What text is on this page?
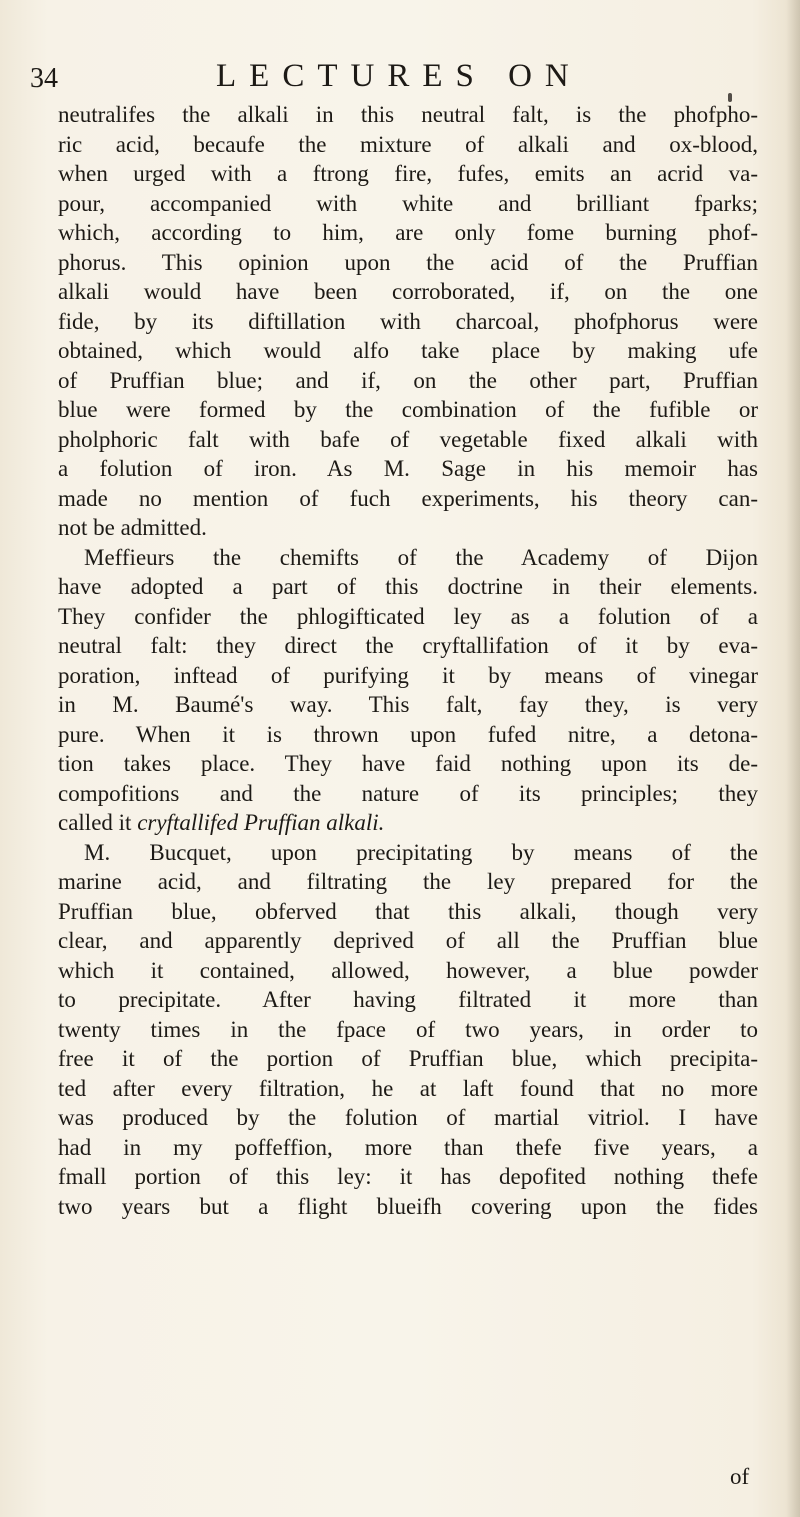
34	LECTURES ON
neutralifes the alkali in this neutral falt, is the phofpho-
ric acid, becaufe the mixture of alkali and ox-blood,
when urged with a ftrong fire, fufes, emits an acrid va-
pour, accompanied with white and brilliant fparks;
which, according to him, are only fome burning phof-
phorus. This opinion upon the acid of the Pruffian
alkali would have been corroborated, if, on the one
fide, by its diftillation with charcoal, phofphorus were
obtained, which would alfo take place by making ufe
of Pruffian blue; and if, on the other part, Pruffian
blue were formed by the combination of the fufible or
pholphoric falt with bafe of vegetable fixed alkali with
a folution of iron. As M. Sage in his memoir has
made no mention of fuch experiments, his theory can-
not be admitted.
Meffieurs the chemifts of the Academy of Dijon
have adopted a part of this doctrine in their elements.
They confider the phlogifticated ley as a folution of a
neutral falt: they direct the cryftallifation of it by eva-
poration, inftead of purifying it by means of vinegar
in M. Baumé's way. This falt, fay they, is very
pure. When it is thrown upon fufed nitre, a detona-
tion takes place. They have faid nothing upon its de-
compofitions and the nature of its principles; they
called it cryftallifed Pruffian alkali.
M. Bucquet, upon precipitating by means of the
marine acid, and filtrating the ley prepared for the
Pruffian blue, obferved that this alkali, though very
clear, and apparently deprived of all the Pruffian blue
which it contained, allowed, however, a blue powder
to precipitate. After having filtrated it more than
twenty times in the fpace of two years, in order to
free it of the portion of Pruffian blue, which precipita-
ted after every filtration, he at laft found that no more
was produced by the folution of martial vitriol. I have
had in my poffeffion, more than thefe five years, a
fmall portion of this ley: it has depofited nothing thefe
two years but a flight blueifh covering upon the fides
of
